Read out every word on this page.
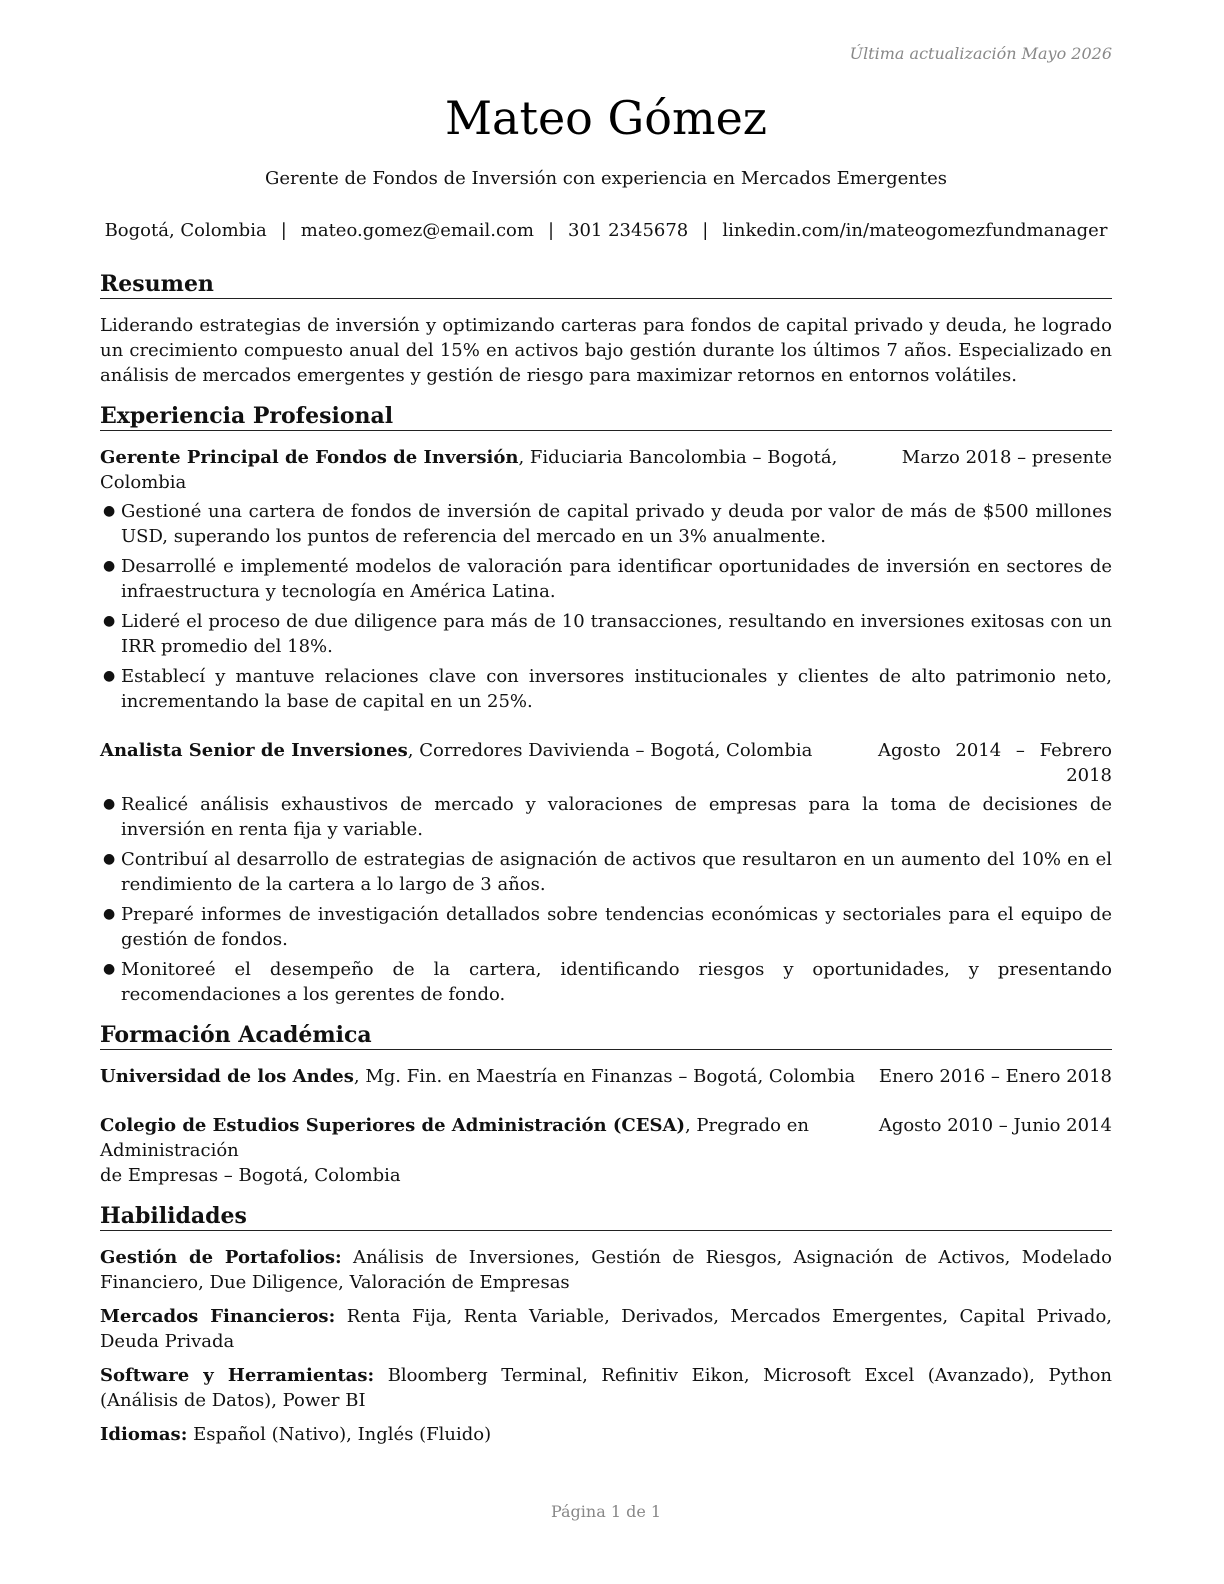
Última actualización Mayo 2026
Mateo Gómez
Gerente de Fondos de Inversión con experiencia en Mercados Emergentes
Bogotá, Colombia | mateo.gomez@email.com | 301 2345678 | linkedin.com/in/mateogomezfundmanager
Resumen

Liderando estrategias de inversión y optimizando carteras para fondos de capital privado y deuda, he logrado un crecimiento compuesto anual del 15% en activos bajo gestión durante los últimos 7 años. Especializado en análisis de mercados emergentes y gestión de riesgo para maximizar retornos en entornos volátiles.

Experiencia Profesional
Gerente Principal de Fondos de Inversión, Fiduciaria Bancolombia – Bogotá, Colombia
Marzo 2018 – presente
● Gestioné una cartera de fondos de inversión de capital privado y deuda por valor de más de $500 millones USD, superando los puntos de referencia del mercado en un 3% anualmente.
● Desarrollé e implementé modelos de valoración para identificar oportunidades de inversión en sectores de infraestructura y tecnología en América Latina.
● Lideré el proceso de due diligence para más de 10 transacciones, resultando en inversiones exitosas con un IRR promedio del 18%.
● Establecí y mantuve relaciones clave con inversores institucionales y clientes de alto patrimonio neto, incrementando la base de capital en un 25%.
Analista Senior de Inversiones, Corredores Davivienda – Bogotá, Colombia	Agosto 2014 – Febrero
2018
● Realicé análisis exhaustivos de mercado y valoraciones de empresas para la toma de decisiones de inversión en renta fija y variable.
● Contribuí al desarrollo de estrategias de asignación de activos que resultaron en un aumento del 10% en el rendimiento de la cartera a lo largo de 3 años.
● Preparé informes de investigación detallados sobre tendencias económicas y sectoriales para el equipo de gestión de fondos.
● Monitoreé el desempeño de la cartera, identificando riesgos y oportunidades, y presentando recomendaciones a los gerentes de fondo.
Formación Académica
Universidad de los Andes, Mg. Fin. en Maestría en Finanzas – Bogotá, Colombia	Enero 2016 – Enero 2018
Colegio de Estudios Superiores de Administración (CESA), Pregrado en Administración
Agosto 2010 – Junio 2014
de Empresas – Bogotá, Colombia
Habilidades
Gestión de Portafolios: Análisis de Inversiones, Gestión de Riesgos, Asignación de Activos, Modelado Financiero, Due Diligence, Valoración de Empresas
Mercados Financieros: Renta Fija, Renta Variable, Derivados, Mercados Emergentes, Capital Privado, Deuda Privada
Software y Herramientas: Bloomberg Terminal, Refinitiv Eikon, Microsoft Excel (Avanzado), Python (Análisis de Datos), Power BI
Idiomas: Español (Nativo), Inglés (Fluido)
Página 1 de 1
